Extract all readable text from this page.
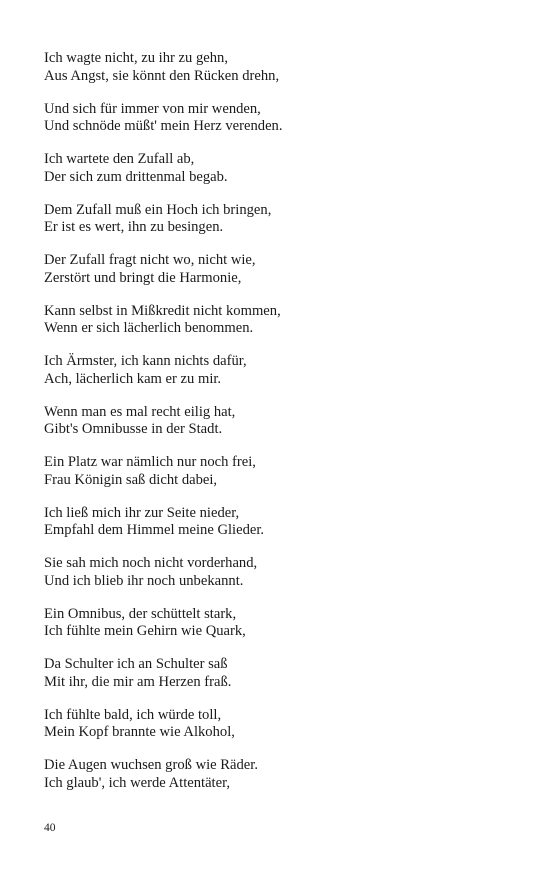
Ich wagte nicht, zu ihr zu gehn,
Aus Angst, sie könnt den Rücken drehn,
Und sich für immer von mir wenden,
Und schnöde müßt' mein Herz verenden.
Ich wartete den Zufall ab,
Der sich zum drittenmal begab.
Dem Zufall muß ein Hoch ich bringen,
Er ist es wert, ihn zu besingen.
Der Zufall fragt nicht wo, nicht wie,
Zerstört und bringt die Harmonie,
Kann selbst in Mißkredit nicht kommen,
Wenn er sich lächerlich benommen.
Ich Ärmster, ich kann nichts dafür,
Ach, lächerlich kam er zu mir.
Wenn man es mal recht eilig hat,
Gibt's Omnibusse in der Stadt.
Ein Platz war nämlich nur noch frei,
Frau Königin saß dicht dabei,
Ich ließ mich ihr zur Seite nieder,
Empfahl dem Himmel meine Glieder.
Sie sah mich noch nicht vorderhand,
Und ich blieb ihr noch unbekannt.
Ein Omnibus, der schüttelt stark,
Ich fühlte mein Gehirn wie Quark,
Da Schulter ich an Schulter saß
Mit ihr, die mir am Herzen fraß.
Ich fühlte bald, ich würde toll,
Mein Kopf brannte wie Alkohol,
Die Augen wuchsen groß wie Räder.
Ich glaub', ich werde Attentäter,
40
